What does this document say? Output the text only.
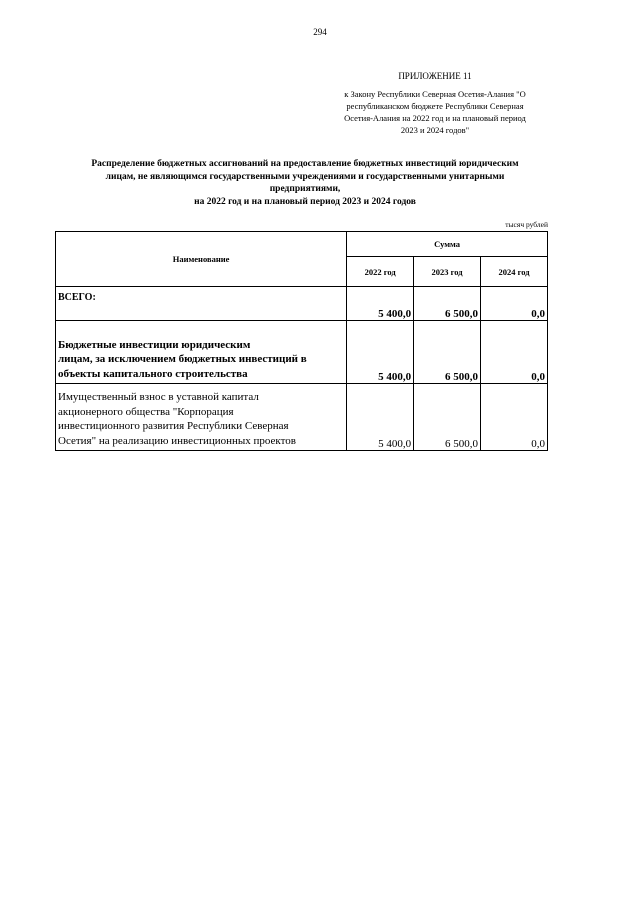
294
ПРИЛОЖЕНИЕ 11
к Закону Республики Северная Осетия-Алания "О
республиканском бюджете Республики Северная
Осетия-Алания на 2022 год и на плановый период
2023 и 2024 годов"
Распределение бюджетных ассигнований на предоставление бюджетных инвестиций юридическим
лицам, не являющимся государственными учреждениями и государственными унитарными
предприятиями,
на 2022 год и на плановый период 2023 и 2024 годов
тысяч рублей
Наименование	Сумма		
	2022 год	2023 год	2024 год
ВСЕГО:	5 400,0	6 500,0	0,0

Бюджетные инвестиции юридическим
лицам, за исключением бюджетных инвестиций в
объекты капитального строительства	5 400,0	6 500,0	0,0

Имущественный взнос в уставной капитал
акционерного общества "Корпорация
инвестиционного развития Республики Северная
Осетия" на реализацию инвестиционных проектов	5 400,0	6 500,0	0,0
